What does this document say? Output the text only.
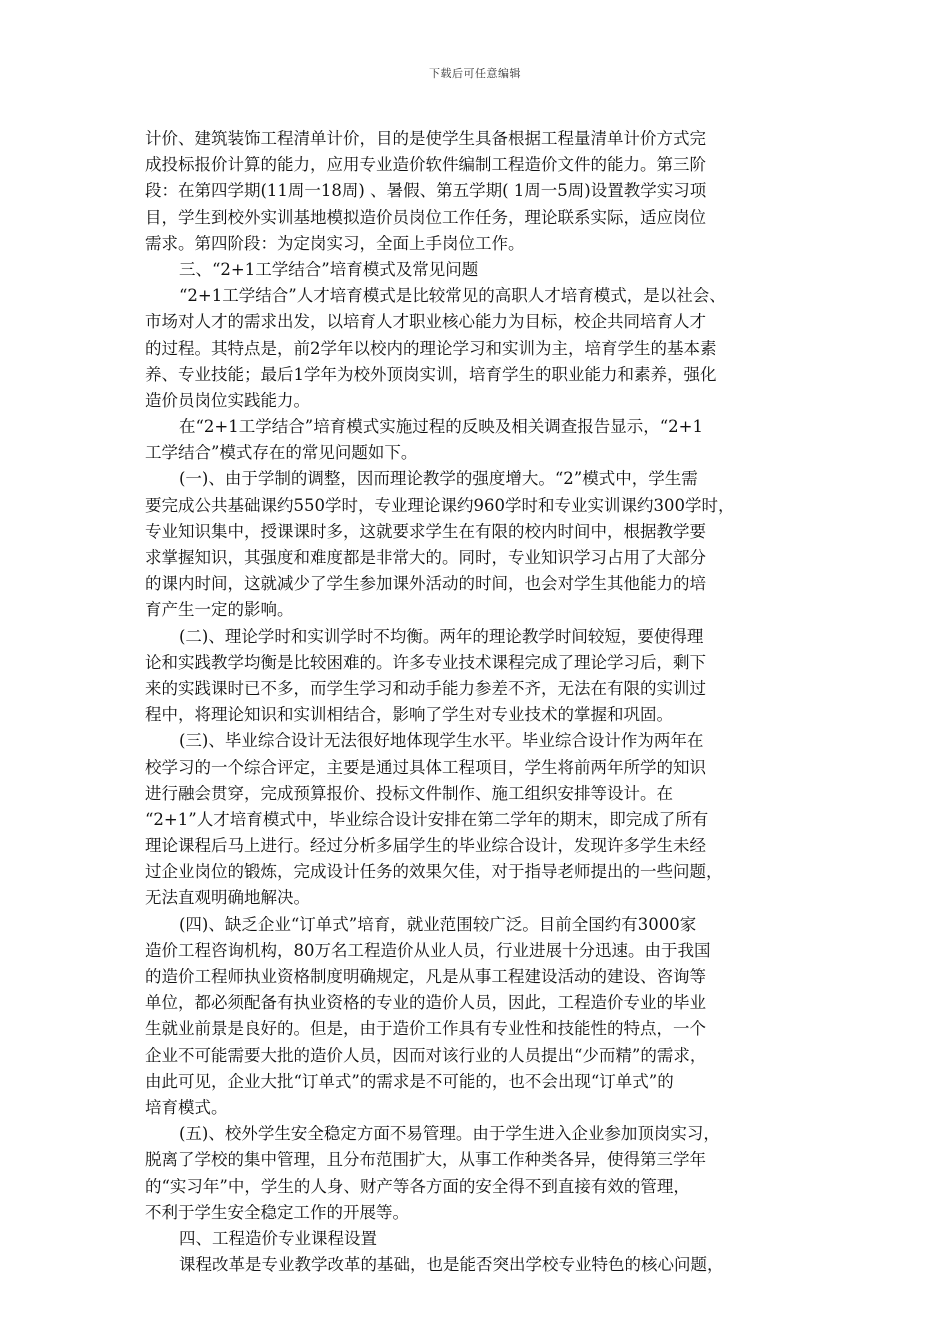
下载后可任意编辑
计价、建筑装饰工程清单计价，目的是使学生具备根据工程量清单计价方式完
成投标报价计算的能力，应用专业造价软件编制工程造价文件的能力。第三阶
段：在第四学期(11周一18周) 、暑假、第五学期( 1周一5周)设置教学实习项
目，学生到校外实训基地模拟造价员岗位工作任务，理论联系实际，适应岗位
需求。第四阶段：为定岗实习，全面上手岗位工作。
三、“2+1工学结合”培育模式及常见问题
“2+1工学结合”人才培育模式是比较常见的高职人才培育模式，是以社会、
市场对人才的需求出发，以培育人才职业核心能力为目标，校企共同培育人才
的过程。其特点是，前2学年以校内的理论学习和实训为主，培育学生的基本素
养、专业技能；最后1学年为校外顶岗实训，培育学生的职业能力和素养，强化
造价员岗位实践能力。
在“2+1工学结合”培育模式实施过程的反映及相关调查报告显示，“2+1
工学结合”模式存在的常见问题如下。
(一)、由于学制的调整，因而理论教学的强度增大。“2”模式中，学生需
要完成公共基础课约550学时，专业理论课约960学时和专业实训课约300学时，
专业知识集中，授课课时多，这就要求学生在有限的校内时间中，根据教学要
求掌握知识，其强度和难度都是非常大的。同时，专业知识学习占用了大部分
的课内时间，这就减少了学生参加课外活动的时间，也会对学生其他能力的培
育产生一定的影响。
(二)、理论学时和实训学时不均衡。两年的理论教学时间较短，要使得理
论和实践教学均衡是比较困难的。许多专业技术课程完成了理论学习后，剩下
来的实践课时已不多，而学生学习和动手能力参差不齐，无法在有限的实训过
程中，将理论知识和实训相结合，影响了学生对专业技术的掌握和巩固。
(三)、毕业综合设计无法很好地体现学生水平。毕业综合设计作为两年在
校学习的一个综合评定，主要是通过具体工程项目，学生将前两年所学的知识
进行融会贯穿，完成预算报价、投标文件制作、施工组织安排等设计。在
“2+1”人才培育模式中，毕业综合设计安排在第二学年的期末，即完成了所有
理论课程后马上进行。经过分析多届学生的毕业综合设计，发现许多学生未经
过企业岗位的锻炼，完成设计任务的效果欠佳，对于指导老师提出的一些问题，
无法直观明确地解决。
(四)、缺乏企业“订单式”培育，就业范围较广泛。目前全国约有3000家
造价工程咨询机构，80万名工程造价从业人员，行业进展十分迅速。由于我国
的造价工程师执业资格制度明确规定，凡是从事工程建设活动的建设、咨询等
单位，都必须配备有执业资格的专业的造价人员，因此，工程造价专业的毕业
生就业前景是良好的。但是，由于造价工作具有专业性和技能性的特点，一个
企业不可能需要大批的造价人员，因而对该行业的人员提出“少而精”的需求，
由此可见，企业大批“订单式”的需求是不可能的，也不会出现“订单式”的
培育模式。
(五)、校外学生安全稳定方面不易管理。由于学生进入企业参加顶岗实习，
脱离了学校的集中管理，且分布范围扩大，从事工作种类各异，使得第三学年
的“实习年”中，学生的人身、财产等各方面的安全得不到直接有效的管理，
不利于学生安全稳定工作的开展等。
四、工程造价专业课程设置
课程改革是专业教学改革的基础，也是能否突出学校专业特色的核心问题，
